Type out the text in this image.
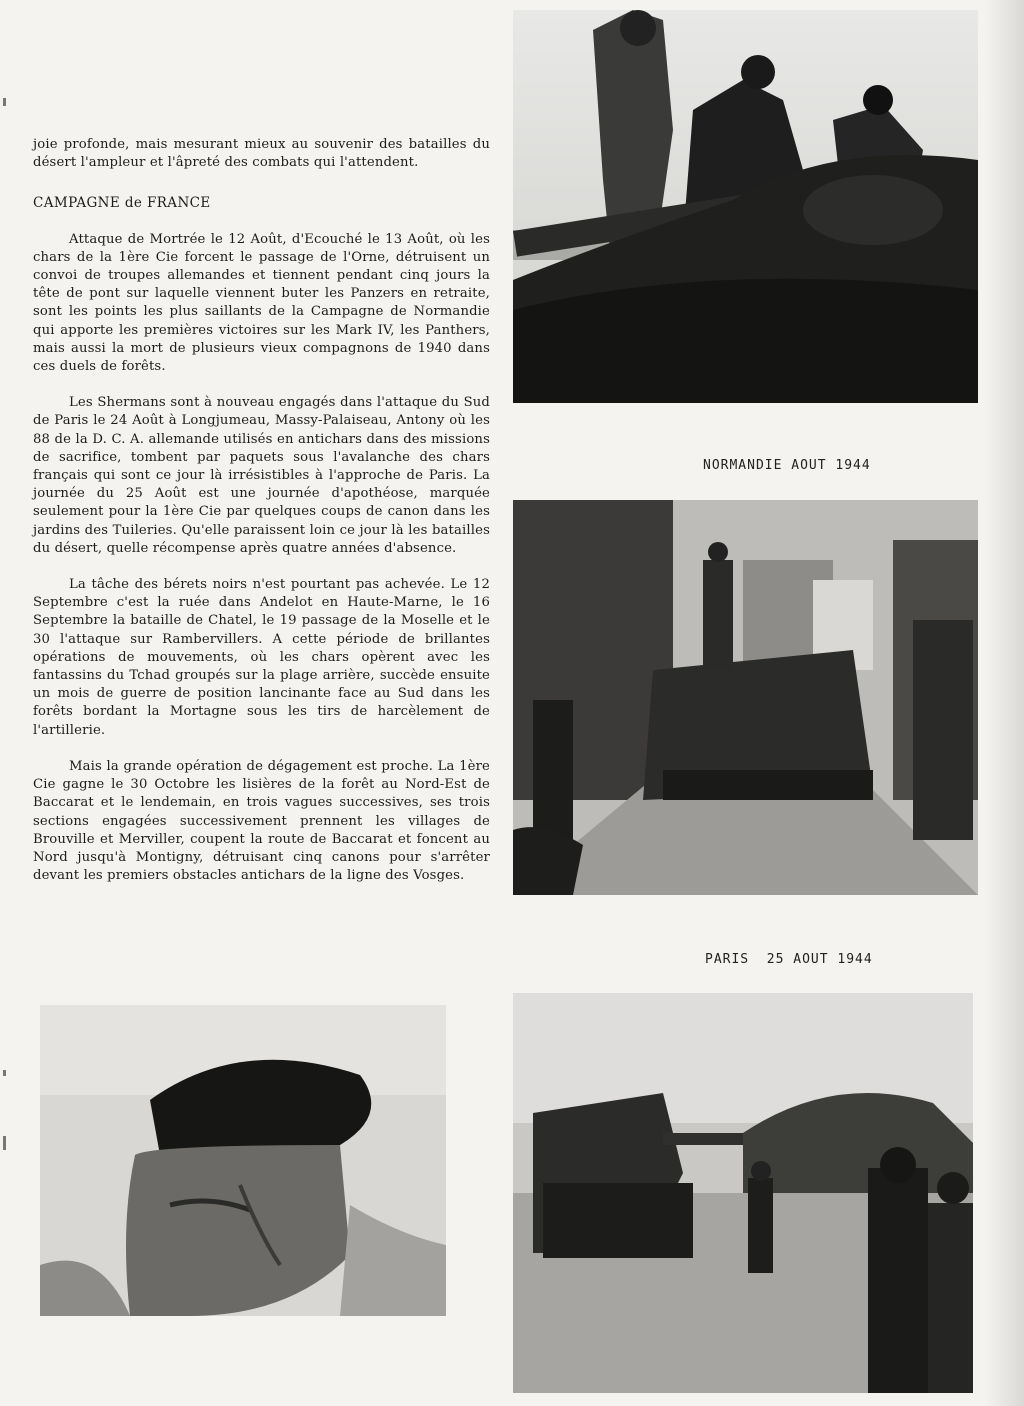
joie profonde, mais mesurant mieux au souvenir des batailles du désert l'ampleur et l'âpreté des combats qui l'attendent.

CAMPAGNE de FRANCE

Attaque de Mortrée le 12 Août, d'Ecouché le 13 Août, où les chars de la 1ère Cie forcent le passage de l'Orne, détruisent un convoi de troupes allemandes et tiennent pendant cinq jours la tête de pont sur laquelle viennent buter les Panzers en retraite, sont les points les plus saillants de la Campagne de Normandie qui apporte les premières victoires sur les Mark IV, les Panthers, mais aussi la mort de plusieurs vieux compagnons de 1940 dans ces duels de forêts.

Les Shermans sont à nouveau engagés dans l'attaque du Sud de Paris le 24 Août à Longjumeau, Massy-Palaiseau, Antony où les 88 de la D. C. A. allemande utilisés en antichars dans des missions de sacrifice, tombent par paquets sous l'avalanche des chars français qui sont ce jour là irrésistibles à l'approche de Paris. La journée du 25 Août est une journée d'apothéose, marquée seulement pour la 1ère Cie par quelques coups de canon dans les jardins des Tuileries. Qu'elle paraissent loin ce jour là les batailles du désert, quelle récompense après quatre années d'absence.

La tâche des bérets noirs n'est pourtant pas achevée. Le 12 Septembre c'est la ruée dans Andelot en Haute-Marne, le 16 Septembre la bataille de Chatel, le 19 passage de la Moselle et le 30 l'attaque sur Rambervillers. A cette période de brillantes opérations de mouvements, où les chars opèrent avec les fantassins du Tchad groupés sur la plage arrière, succède ensuite un mois de guerre de position lancinante face au Sud dans les forêts bordant la Mortagne sous les tirs de harcèlement de l'artillerie.

Mais la grande opération de dégagement est proche. La 1ère Cie gagne le 30 Octobre les lisières de la forêt au Nord-Est de Baccarat et le lendemain, en trois vagues successives, ses trois sections engagées successivement prennent les villages de Brouville et Merviller, coupent la route de Baccarat et foncent au Nord jusqu'à Montigny, détruisant cinq canons pour s'arrêter devant les premiers obstacles antichars de la ligne des Vosges.

NORMANDIE AOUT 1944
PARIS  25 AOUT 1944
